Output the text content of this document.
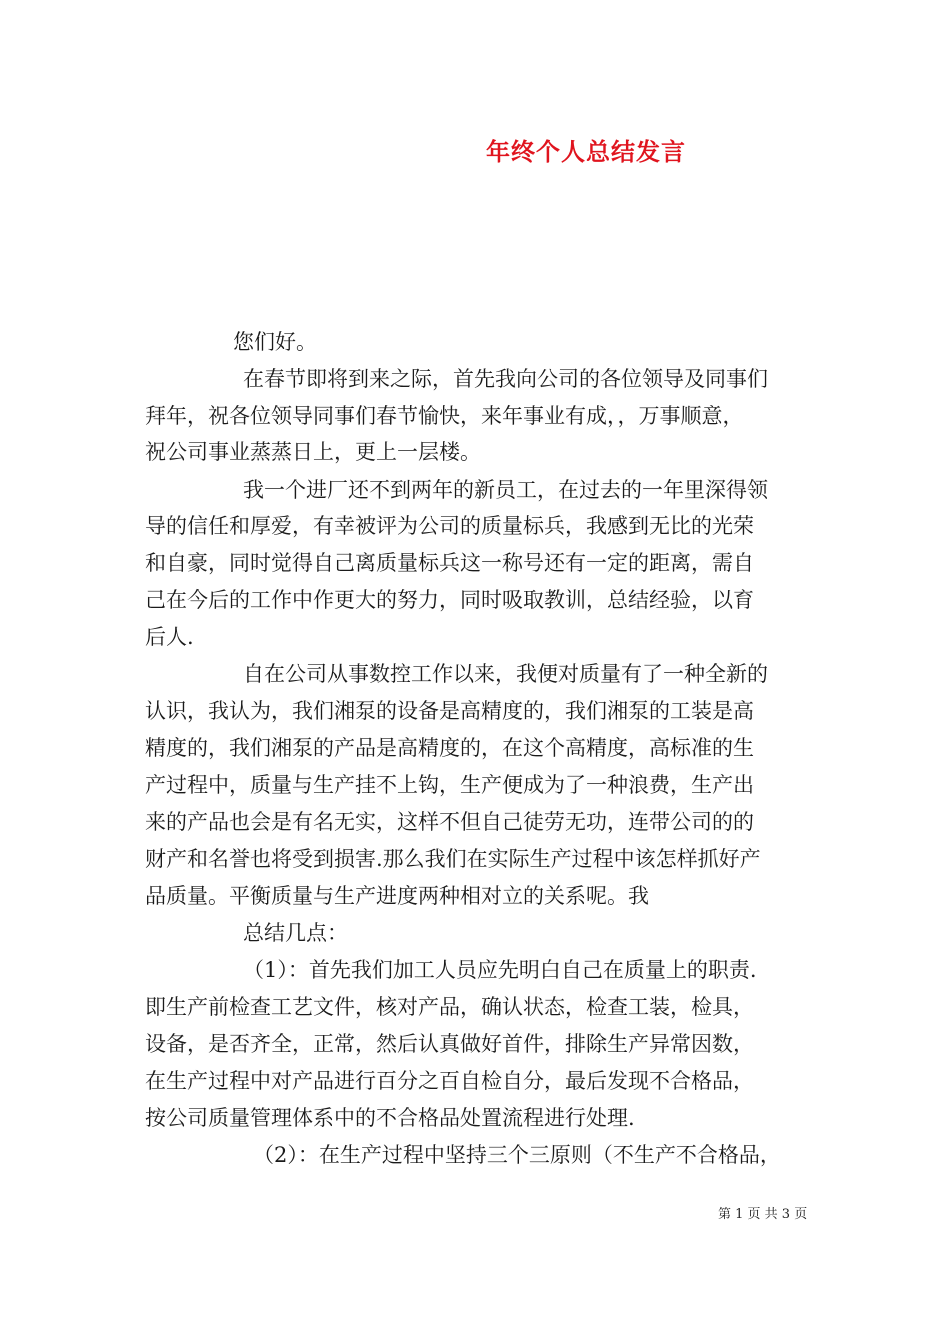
年终个人总结发言
您们好。
在春节即将到来之际，首先我向公司的各位领导及同事们
拜年，祝各位领导同事们春节愉快，来年事业有成，，万事顺意，
祝公司事业蒸蒸日上，更上一层楼。
我一个进厂还不到两年的新员工，在过去的一年里深得领
导的信任和厚爱，有幸被评为公司的质量标兵，我感到无比的光荣
和自豪，同时觉得自己离质量标兵这一称号还有一定的距离，需自
己在今后的工作中作更大的努力，同时吸取教训，总结经验，以育
后人.
自在公司从事数控工作以来，我便对质量有了一种全新的
认识，我认为，我们湘泵的设备是高精度的，我们湘泵的工装是高
精度的，我们湘泵的产品是高精度的，在这个高精度，高标准的生
产过程中，质量与生产挂不上钩，生产便成为了一种浪费，生产出
来的产品也会是有名无实，这样不但自己徒劳无功，连带公司的的
财产和名誉也将受到损害.那么我们在实际生产过程中该怎样抓好产
品质量。平衡质量与生产进度两种相对立的关系呢。我
总结几点：
（1）：首先我们加工人员应先明白自己在质量上的职责.
即生产前检查工艺文件，核对产品，确认状态，检查工装，检具，
设备，是否齐全，正常，然后认真做好首件，排除生产异常因数，
在生产过程中对产品进行百分之百自检自分，最后发现不合格品，
按公司质量管理体系中的不合格品处置流程进行处理.
（2）：在生产过程中坚持三个三原则（不生产不合格品，
第 1 页 共 3 页
